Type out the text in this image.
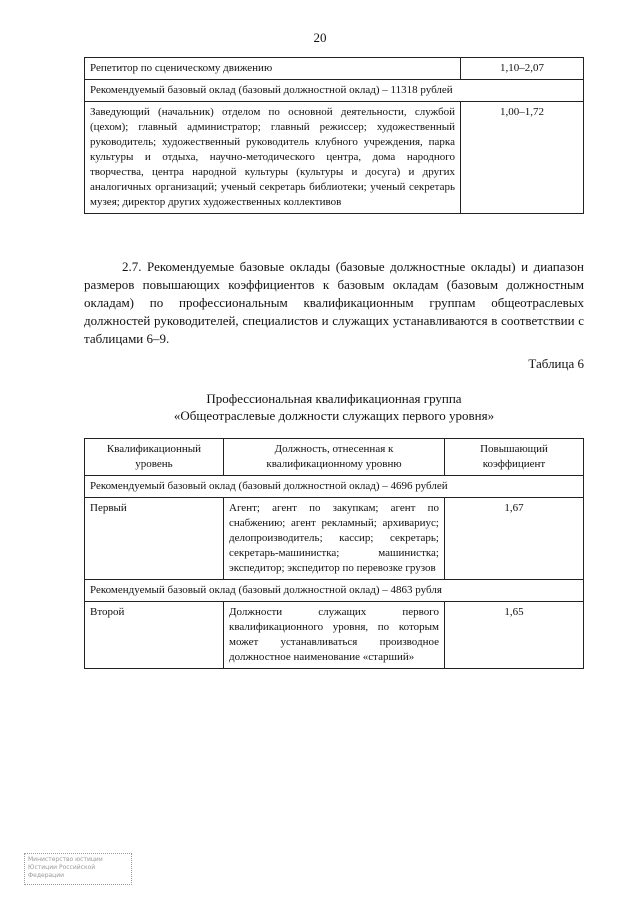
20
Репетитор по сценическому движению	1,10–2,07
Рекомендуемый базовый оклад (базовый должностной оклад) – 11318 рублей	
Заведующий (начальник) отделом по основной деятельности, службой (цехом); главный администратор; главный режиссер; художественный руководитель; художественный руководитель клубного учреждения, парка культуры и отдыха, научно-методического центра, дома народного творчества, центра народной культуры (культуры и досуга) и других аналогичных организаций; ученый секретарь библиотеки; ученый секретарь музея; директор других художественных коллективов	1,00–1,72

2.7. Рекомендуемые базовые оклады (базовые должностные оклады) и диапазон размеров повышающих коэффициентов к базовым окладам (базовым должностным окладам) по профессиональным квалификационным группам общеотраслевых должностей руководителей, специалистов и служащих устанавливаются в соответствии с таблицами 6–9.

Таблица 6
Профессиональная квалификационная группа
«Общеотраслевые должности служащих первого уровня»
Квалификационный уровень	Должность, отнесенная к квалификационному уровню	Повышающий коэффициент
Рекомендуемый базовый оклад (базовый должностной оклад) – 4696 рублей		
Первый	Агент; агент по закупкам; агент по снабжению; агент рекламный; архивариус; делопроизводитель; кассир; секретарь; секретарь-машинистка; машинистка; экспедитор; экспедитор по перевозке грузов	1,67
Рекомендуемый базовый оклад (базовый должностной оклад) – 4863 рубля		
Второй	Должности служащих первого квалификационного уровня, по которым может устанавливаться производное должностное наименование «старший»	1,65
Министерство юстиции
Юстиции Российской
Федерации
